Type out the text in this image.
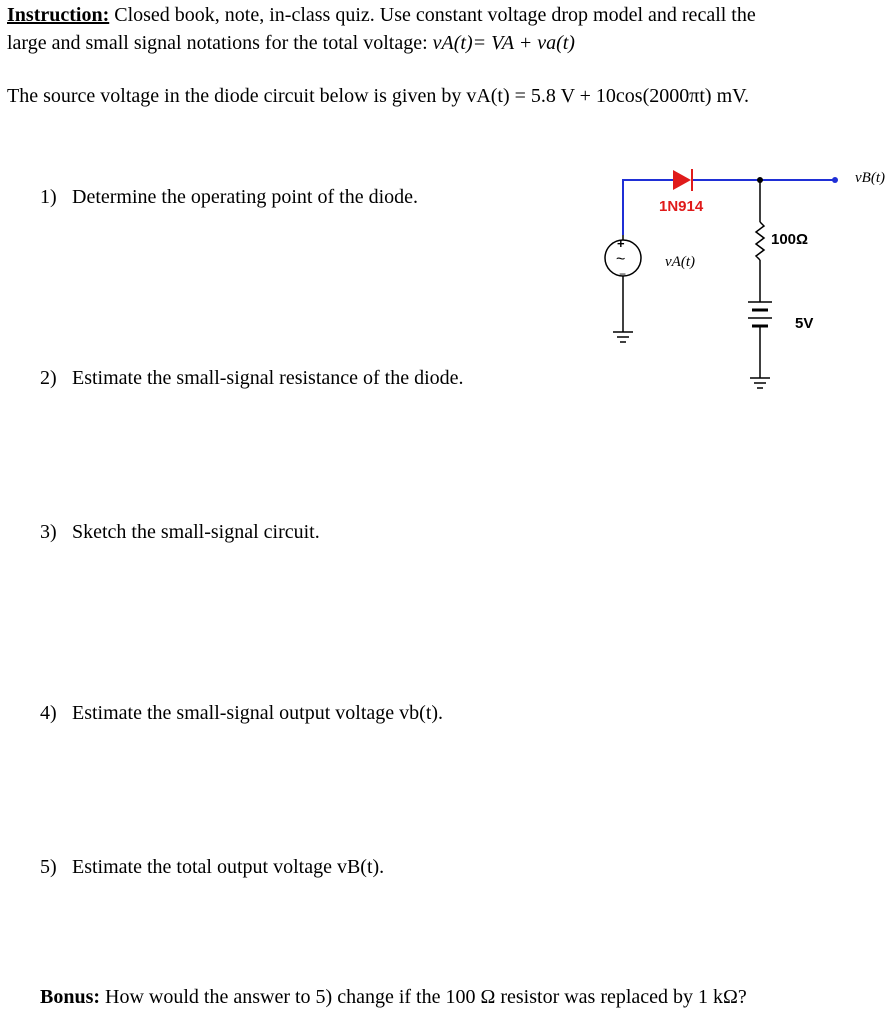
Instruction: Closed book, note, in-class quiz. Use constant voltage drop model and recall the
large and small signal notations for the total voltage: vA(t)= VA + va(t)
The source voltage in the diode circuit below is given by vA(t) = 5.8 V + 10cos(2000πt) mV.
1) Determine the operating point of the diode.
2) Estimate the small-signal resistance of the diode.
3) Sketch the small-signal circuit.
4) Estimate the small-signal output voltage vb(t).
5) Estimate the total output voltage vB(t).
Bonus: How would the answer to 5) change if the 100 Ω resistor was replaced by 1 kΩ?
1N914
100Ω
5V
+
~
−
vA(t)
vB(t)
